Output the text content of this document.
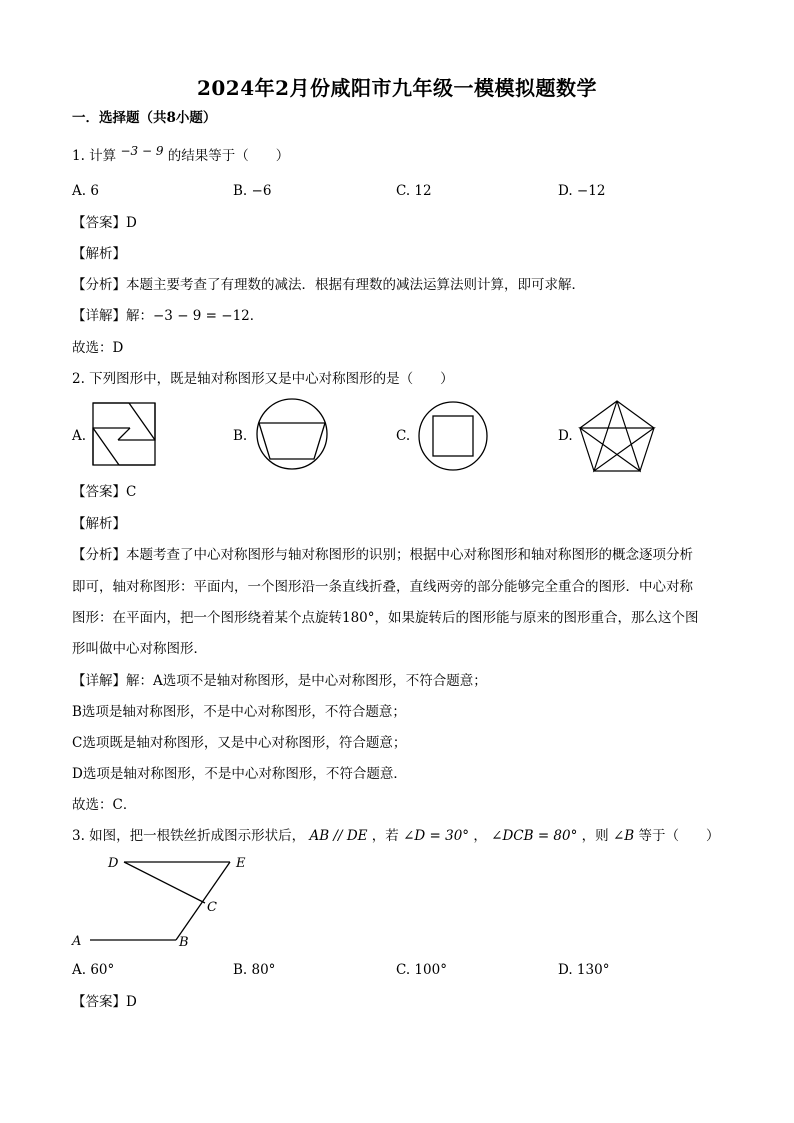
2024年2月份咸阳市九年级一模模拟题数学
一．选择题（共8小题）
1. 计算 −3 − 9 的结果等于（　　）
A. 6	B. −6	C. 12	D. −12
【答案】D
【解析】
【分析】本题主要考查了有理数的减法．根据有理数的减法运算法则计算，即可求解．
【详解】解：−3 − 9 = −12．
故选：D
2. 下列图形中，既是轴对称图形又是中心对称图形的是（　　）
A.	B.	C.	D.
【答案】C
【解析】
【分析】本题考查了中心对称图形与轴对称图形的识别；根据中心对称图形和轴对称图形的概念逐项分析
即可，轴对称图形：平面内，一个图形沿一条直线折叠，直线两旁的部分能够完全重合的图形．中心对称
图形：在平面内，把一个图形绕着某个点旋转180°，如果旋转后的图形能与原来的图形重合，那么这个图
形叫做中心对称图形．
【详解】解：A选项不是轴对称图形，是中心对称图形，不符合题意；
B选项是轴对称图形，不是中心对称图形，不符合题意；
C选项既是轴对称图形，又是中心对称图形，符合题意；
D选项是轴对称图形，不是中心对称图形，不符合题意．
故选：C．
3. 如图，把一根铁丝折成图示形状后， AB // DE ，若 ∠D = 30° ， ∠DCB = 80° ，则 ∠B 等于（　　）
D	E
C
A	B
A. 60°	B. 80°	C. 100°	D. 130°
【答案】D
